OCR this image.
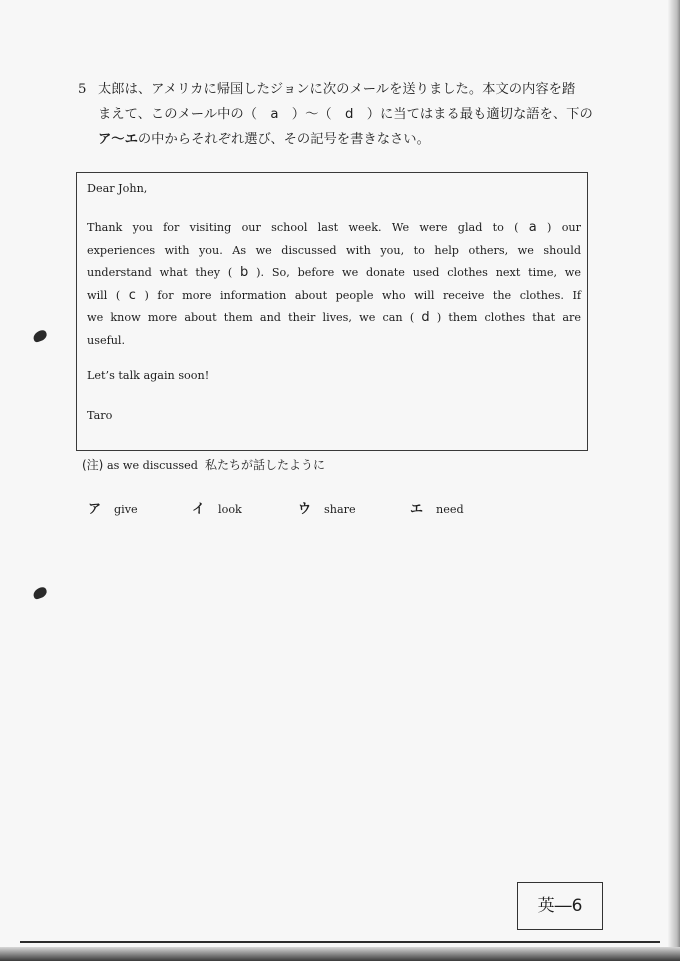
5 太郎は、アメリカに帰国したジョンに次のメールを送りました。本文の内容を踏
まえて、このメール中の（　a　）～（　d　）に当てはまる最も適切な語を、下の
ア～エの中からそれぞれ選び、その記号を書きなさい。

Dear John,

Thank you for visiting our school last week. We were glad to ( a ) our
experiences with you. As we discussed with you, to help others, we should
understand what they ( b ). So, before we donate used clothes next time, we
will ( c ) for more information about people who will receive the clothes. If
we know more about them and their lives, we can ( d ) them clothes that are
useful.

Let’s talk again soon!

Taro

(注) as we discussed 私たちが話したように
ア give	イ look	ウ share	エ need
英―6
